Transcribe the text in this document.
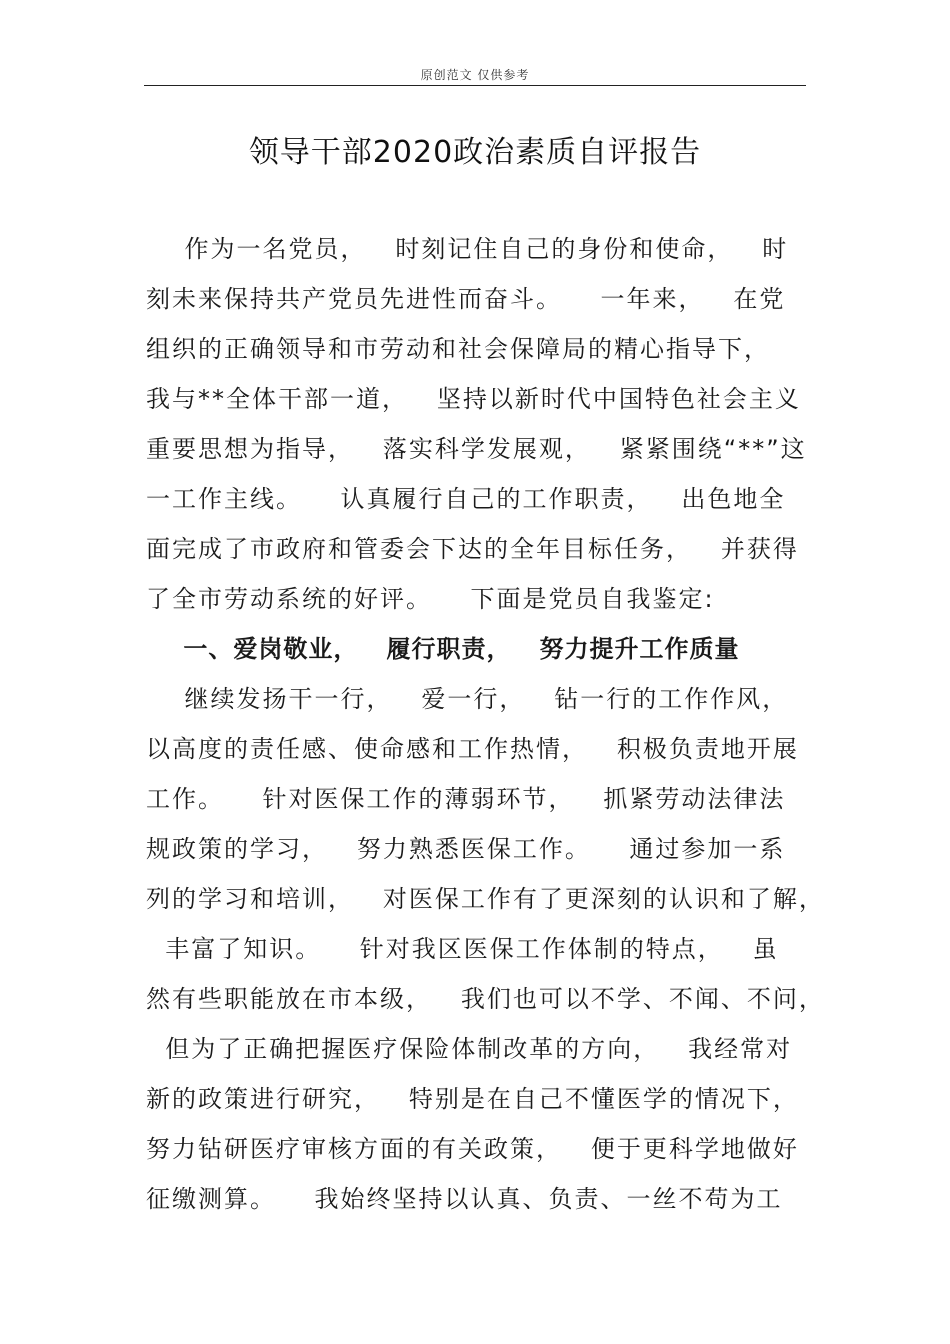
原创范文 仅供参考
领导干部2020政治素质自评报告
作为一名党员，   时刻记住自己的身份和使命，   时
刻未来保持共产党员先进性而奋斗。    一年来，   在党
组织的正确领导和市劳动和社会保障局的精心指导下，
我与**全体干部一道，   坚持以新时代中国特色社会主义
重要思想为指导，   落实科学发展观，   紧紧围绕“**”这
一工作主线。    认真履行自己的工作职责，   出色地全
面完成了市政府和管委会下达的全年目标任务，   并获得
了全市劳动系统的好评。    下面是党员自我鉴定:
一、爱岗敬业，   履行职责，   努力提升工作质量
继续发扬干一行，   爱一行，   钻一行的工作作风，
以高度的责任感、使命感和工作热情，   积极负责地开展
工作。    针对医保工作的薄弱环节，   抓紧劳动法律法
规政策的学习，   努力熟悉医保工作。    通过参加一系
列的学习和培训，   对医保工作有了更深刻的认识和了解，
丰富了知识。    针对我区医保工作体制的特点，   虽
然有些职能放在市本级，   我们也可以不学、不闻、不问，
但为了正确把握医疗保险体制改革的方向，   我经常对
新的政策进行研究，   特别是在自己不懂医学的情况下，
努力钻研医疗审核方面的有关政策，   便于更科学地做好
征缴测算。    我始终坚持以认真、负责、一丝不苟为工
